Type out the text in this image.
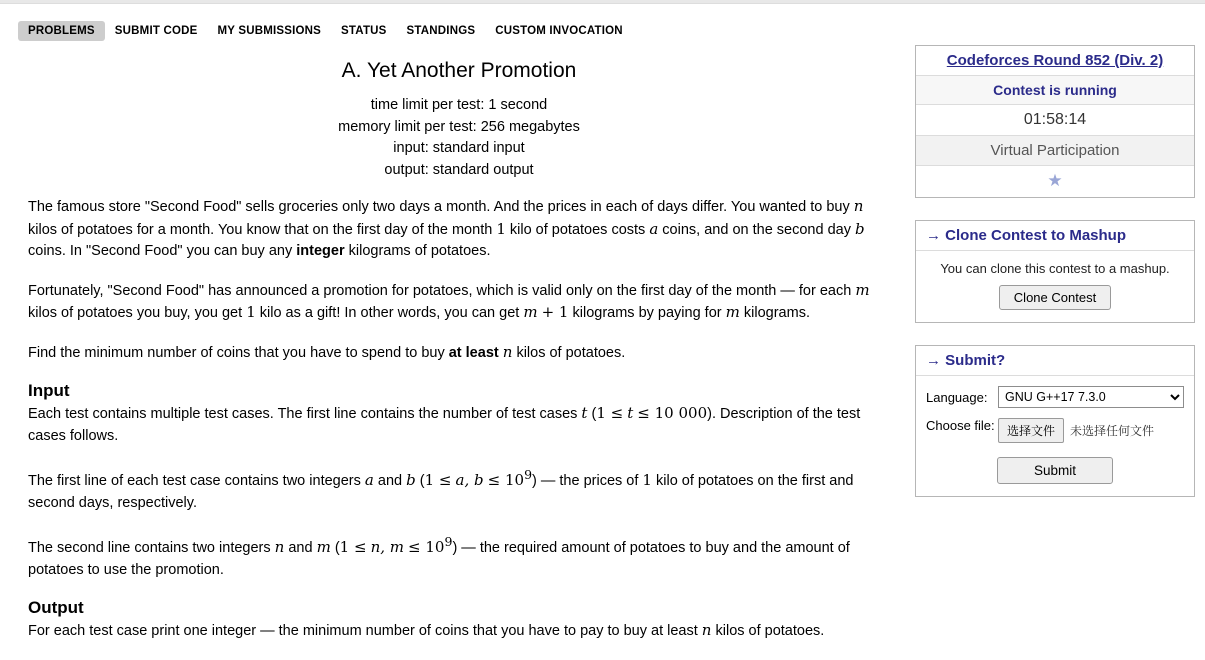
PROBLEMS	SUBMIT CODE	MY SUBMISSIONS	STATUS	STANDINGS	CUSTOM INVOCATION
A. Yet Another Promotion
time limit per test: 1 second
memory limit per test: 256 megabytes
input: standard input
output: standard output

The famous store "Second Food" sells groceries only two days a month. And the prices in each of days differ. You wanted to buy n kilos of potatoes for a month. You know that on the first day of the month 1 kilo of potatoes costs a coins, and on the second day b coins. In "Second Food" you can buy any integer kilograms of potatoes.

Fortunately, "Second Food" has announced a promotion for potatoes, which is valid only on the first day of the month — for each m kilos of potatoes you buy, you get 1 kilo as a gift! In other words, you can get m + 1 kilograms by paying for m kilograms.

Find the minimum number of coins that you have to spend to buy at least n kilos of potatoes.

Input

Each test contains multiple test cases. The first line contains the number of test cases t (1 ≤ t ≤ 10 000). Description of the test cases follows.

The first line of each test case contains two integers a and b (1 ≤ a, $b \le 10^9$) — the prices of 1 kilo of potatoes on the first and second days, respectively.

The second line contains two integers n and m (1 ≤ n, $m \le 10^9$) — the required amount of potatoes to buy and the amount of potatoes to use the promotion.

Output

For each test case print one integer — the minimum number of coins that you have to pay to buy at least n kilos of potatoes.

Codeforces Round 852 (Div. 2)
Contest is running
01:58:14
Virtual Participation
★
→ Clone Contest to Mashup
You can clone this contest to a mashup.
Clone Contest
→ Submit?
Language:
GNU G++17 7.3.0
Choose file:	选择文件	未选择任何文件
Submit
